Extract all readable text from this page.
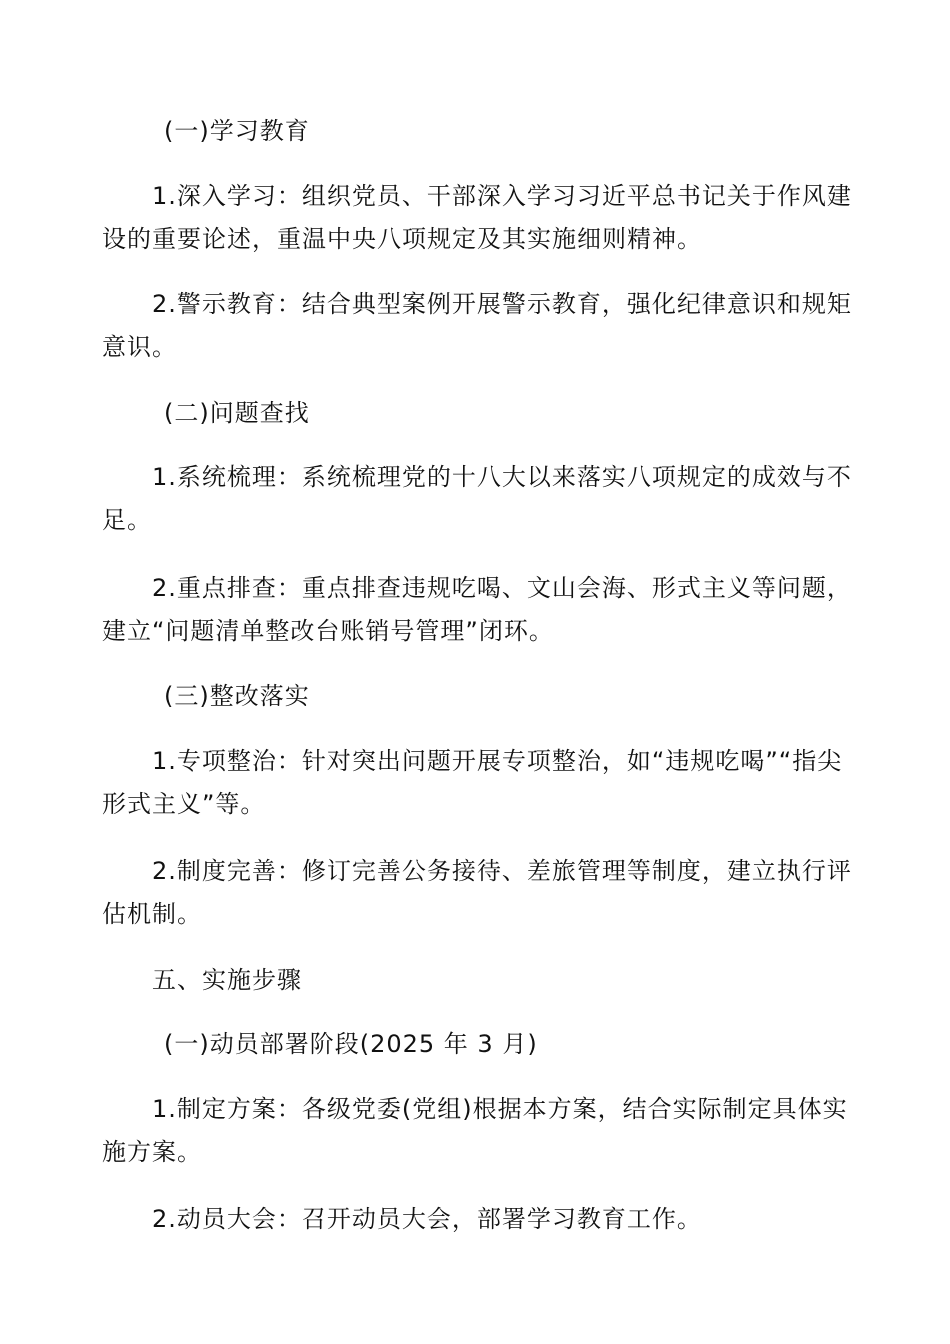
(一)学习教育

1.深入学习：组织党员、干部深入学习习近平总书记关于作风建设的重要论述，重温中央八项规定及其实施细则精神。

2.警示教育：结合典型案例开展警示教育，强化纪律意识和规矩意识。

(二)问题查找

1.系统梳理：系统梳理党的十八大以来落实八项规定的成效与不足。

2.重点排查：重点排查违规吃喝、文山会海、形式主义等问题，建立“问题清单整改台账销号管理”闭环。

(三)整改落实

1.专项整治：针对突出问题开展专项整治，如“违规吃喝”“指尖形式主义”等。

2.制度完善：修订完善公务接待、差旅管理等制度，建立执行评估机制。

五、实施步骤

(一)动员部署阶段(2025 年 3 月)

1.制定方案：各级党委(党组)根据本方案，结合实际制定具体实施方案。

2.动员大会：召开动员大会，部署学习教育工作。
